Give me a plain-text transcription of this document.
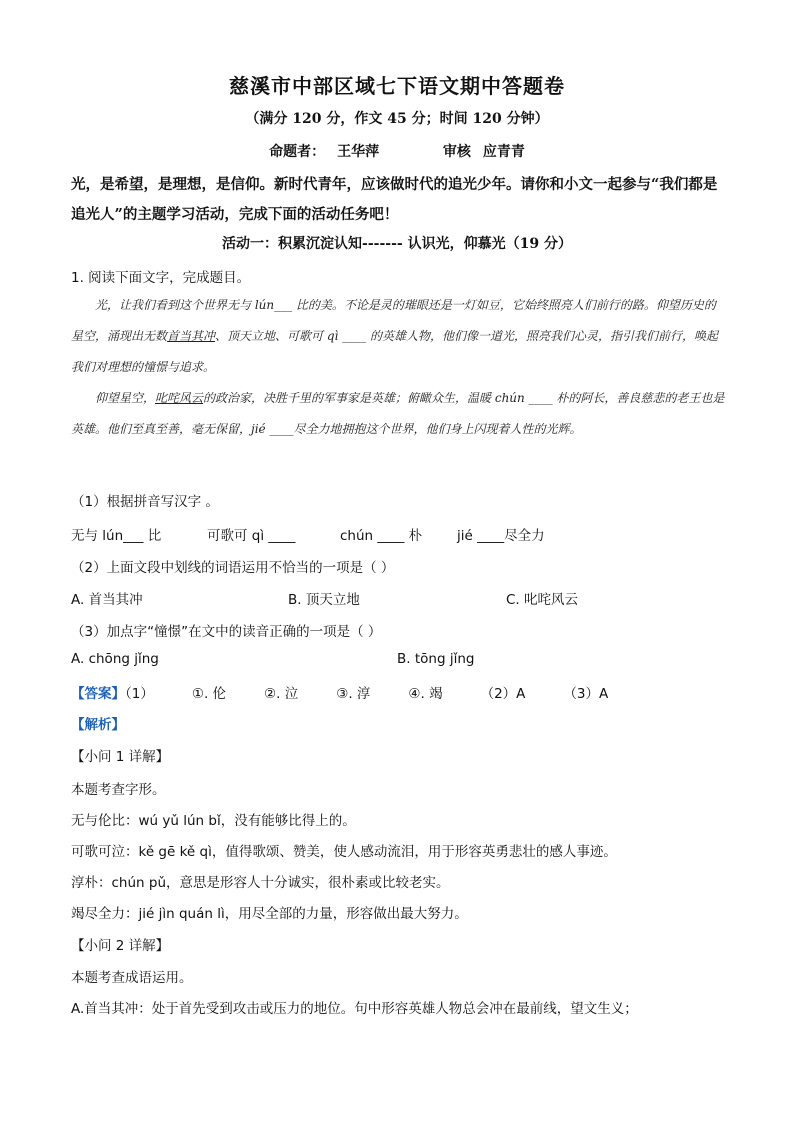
慈溪市中部区域七下语文期中答题卷
（满分 120 分，作文 45 分；时间 120 分钟）
命题者： 王华萍	审核 应青青
光，是希望，是理想，是信仰。新时代青年，应该做时代的追光少年。请你和小文一起参与“我们都是追光人”的主题学习活动，完成下面的活动任务吧！
活动一：积累沉淀认知------- 认识光，仰慕光（19 分）
1. 阅读下面文字，完成题目。

光，让我们看到这个世界无与 lún___ 比的美。不论是灵的璀眼还是一灯如豆，它始终照亮人们前行的路。仰望历史的星空，涌现出无数首当其冲、顶天立地、可歌可 qì ____ 的英雄人物，他们像一道光，照亮我们心灵，指引我们前行，唤起我们对理想的憧憬与追求。

仰望星空，叱咤风云的政治家，决胜千里的军事家是英雄；俯瞰众生，温暖 chún ____ 朴的阿长，善良慈悲的老王也是英雄。他们至真至善，毫无保留，jié ____尽全力地拥抱这个世界，他们身上闪现着人性的光辉。

（1）根据拼音写汉字 。
无与 lún___ 比	可歌可 qì ____	chún ____ 朴	jié ____尽全力
（2）上面文段中划线的词语运用不恰当的一项是（ ）
A. 首当其冲	B. 顶天立地	C. 叱咤风云
（3）加点字“憧憬”在文中的读音正确的一项是（ ）
A. chōng jǐng	B. tōng jǐng
【答案】（1）	①. 伦	②. 泣	③. 淳	④. 竭	（2）A	（3）A
【解析】
【小问 1 详解】
本题考查字形。
无与伦比：wú yǔ lún bǐ，没有能够比得上的。
可歌可泣：kě gē kě qì，值得歌颂、赞美，使人感动流泪，用于形容英勇悲壮的感人事迹。
淳朴：chún pǔ，意思是形容人十分诚实，很朴素或比较老实。
竭尽全力：jié jìn quán lì，用尽全部的力量，形容做出最大努力。
【小问 2 详解】
本题考查成语运用。
A.首当其冲：处于首先受到攻击或压力的地位。句中形容英雄人物总会冲在最前线，望文生义；
